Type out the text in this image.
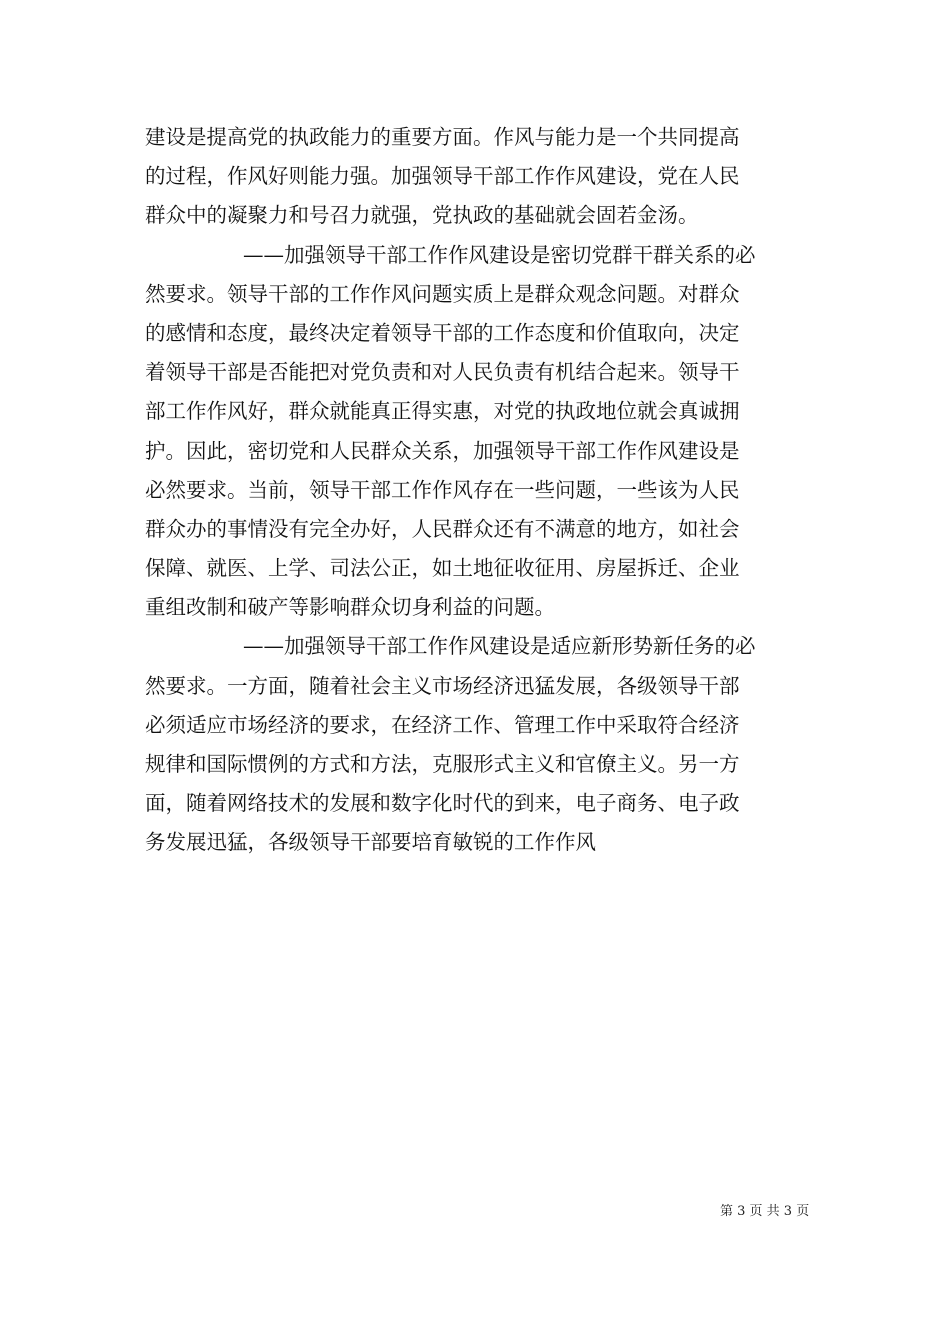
建设是提高党的执政能力的重要方面。作风与能力是一个共同提高
的过程，作风好则能力强。加强领导干部工作作风建设，党在人民
群众中的凝聚力和号召力就强，党执政的基础就会固若金汤。
——加强领导干部工作作风建设是密切党群干群关系的必
然要求。领导干部的工作作风问题实质上是群众观念问题。对群众
的感情和态度，最终决定着领导干部的工作态度和价值取向，决定
着领导干部是否能把对党负责和对人民负责有机结合起来。领导干
部工作作风好，群众就能真正得实惠，对党的执政地位就会真诚拥
护。因此，密切党和人民群众关系，加强领导干部工作作风建设是
必然要求。当前，领导干部工作作风存在一些问题，一些该为人民
群众办的事情没有完全办好，人民群众还有不满意的地方，如社会
保障、就医、上学、司法公正，如土地征收征用、房屋拆迁、企业
重组改制和破产等影响群众切身利益的问题。
——加强领导干部工作作风建设是适应新形势新任务的必
然要求。一方面，随着社会主义市场经济迅猛发展，各级领导干部
必须适应市场经济的要求，在经济工作、管理工作中采取符合经济
规律和国际惯例的方式和方法，克服形式主义和官僚主义。另一方
面，随着网络技术的发展和数字化时代的到来，电子商务、电子政
务发展迅猛，各级领导干部要培育敏锐的工作作风
第 3 页 共 3 页
